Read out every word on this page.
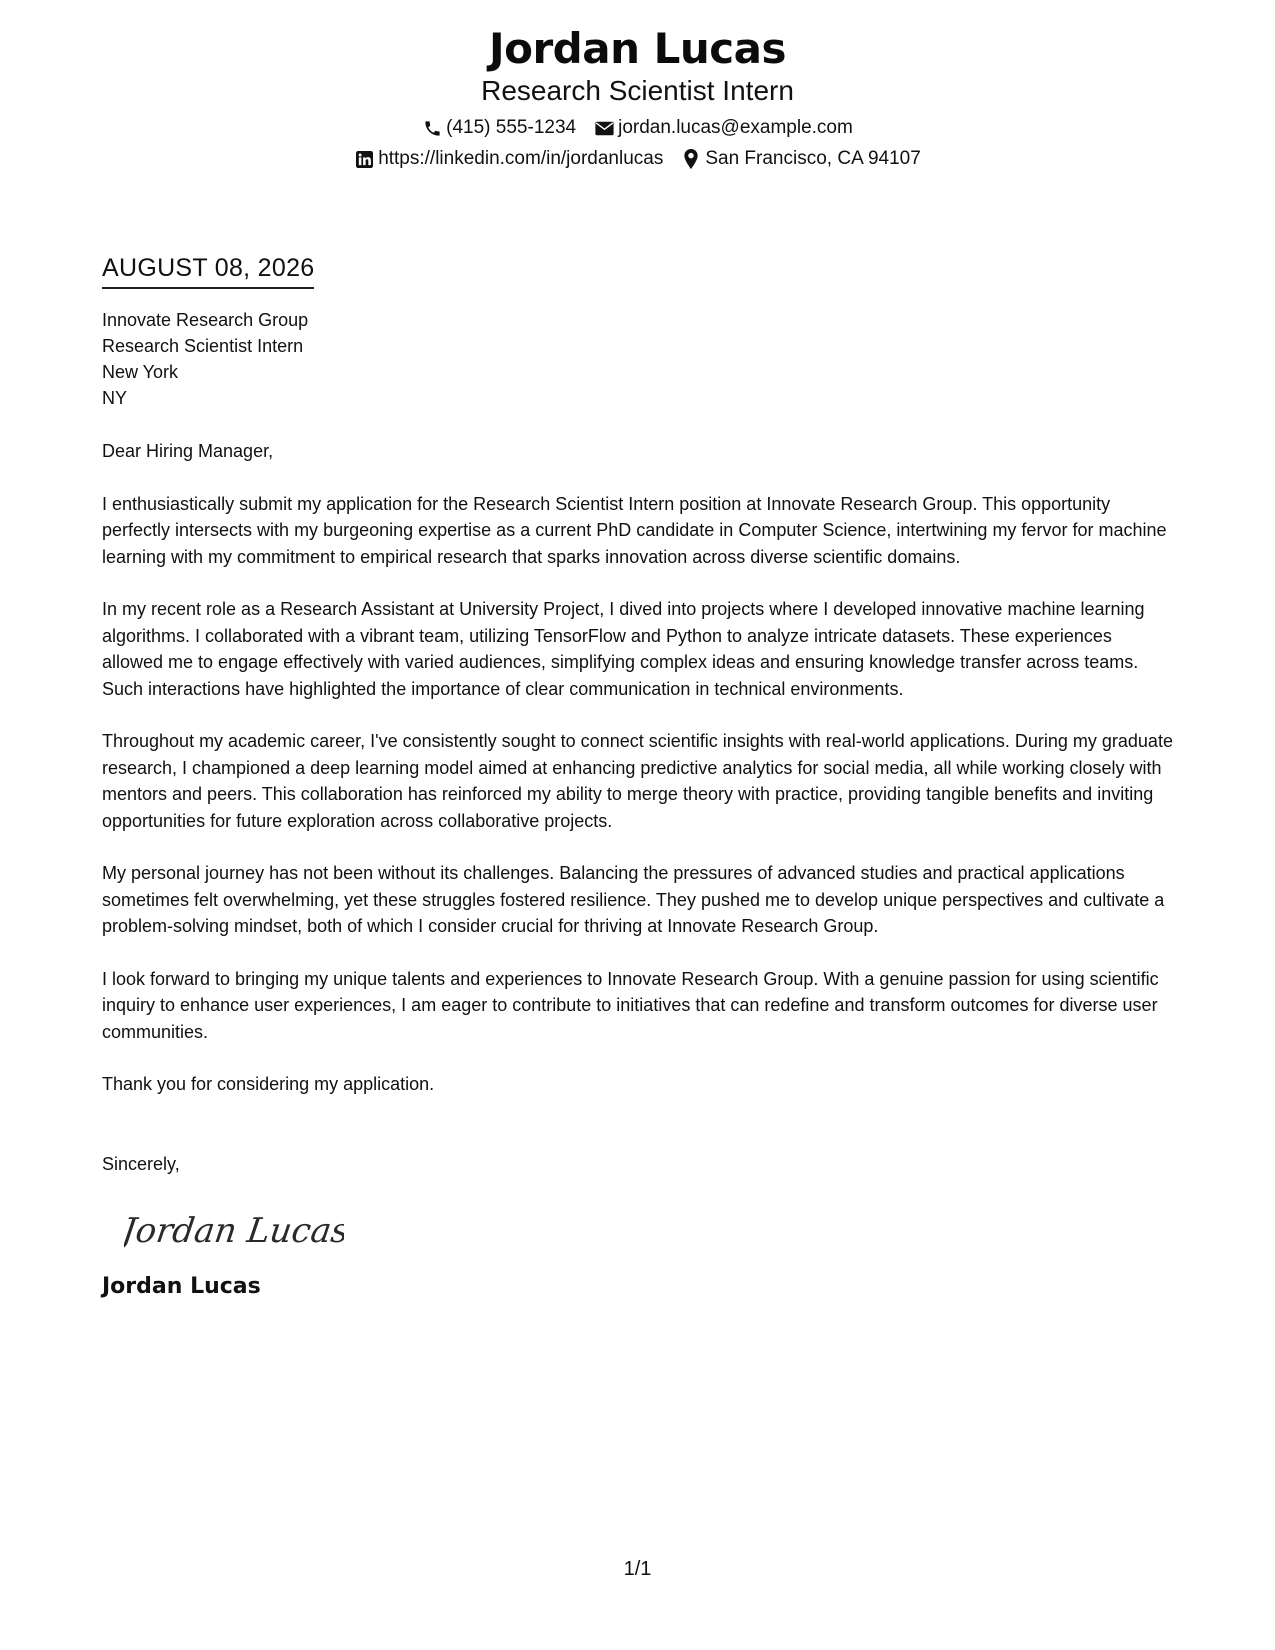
Jordan Lucas
Research Scientist Intern
(415) 555-1234 jordan.lucas@example.com
https://linkedin.com/in/jordanlucas San Francisco, CA 94107
AUGUST 08, 2026
Innovate Research Group
Research Scientist Intern
New York
NY
Dear Hiring Manager,
I enthusiastically submit my application for the Research Scientist Intern position at Innovate Research Group. This opportunity perfectly intersects with my burgeoning expertise as a current PhD candidate in Computer Science, intertwining my fervor for machine learning with my commitment to empirical research that sparks innovation across diverse scientific domains.
In my recent role as a Research Assistant at University Project, I dived into projects where I developed innovative machine learning algorithms. I collaborated with a vibrant team, utilizing TensorFlow and Python to analyze intricate datasets. These experiences allowed me to engage effectively with varied audiences, simplifying complex ideas and ensuring knowledge transfer across teams. Such interactions have highlighted the importance of clear communication in technical environments.
Throughout my academic career, I've consistently sought to connect scientific insights with real-world applications. During my graduate research, I championed a deep learning model aimed at enhancing predictive analytics for social media, all while working closely with mentors and peers. This collaboration has reinforced my ability to merge theory with practice, providing tangible benefits and inviting opportunities for future exploration across collaborative projects.
My personal journey has not been without its challenges. Balancing the pressures of advanced studies and practical applications sometimes felt overwhelming, yet these struggles fostered resilience. They pushed me to develop unique perspectives and cultivate a problem-solving mindset, both of which I consider crucial for thriving at Innovate Research Group.
I look forward to bringing my unique talents and experiences to Innovate Research Group. With a genuine passion for using scientific inquiry to enhance user experiences, I am eager to contribute to initiatives that can redefine and transform outcomes for diverse user communities.
Thank you for considering my application.
Sincerely,
Jordan Lucas
Jordan Lucas
1/1
